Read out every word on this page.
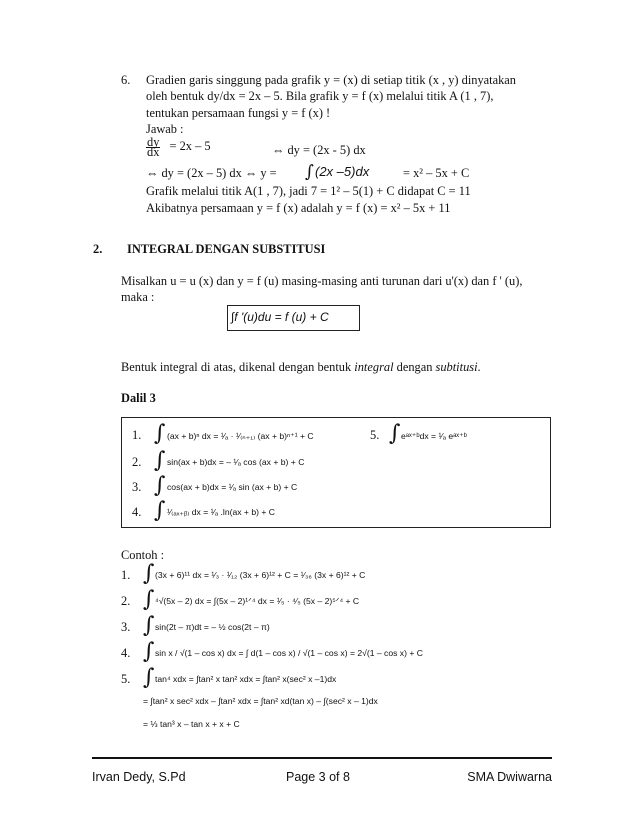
6. Gradien garis singgung pada grafik y = (x) di setiap titik (x , y) dinyatakan
oleh bentuk dy/dx = 2x – 5. Bila grafik y = f (x) melalui titik A (1 , 7),
tentukan persamaan fungsi y = f (x) !
Jawab :
$\frac{dy}{dx} = 2x - 5$	⇔ dy = (2x - 5) dx
⇔ dy = (2x – 5) dx ⇔ y = ∫ (2x –5)dx	= x² – 5x + C
Grafik melalui titik A(1 , 7), jadi 7 = 1² – 5(1) + C didapat C = 11
Akibatnya persamaan y = f (x) adalah y = f (x) = x² – 5x + 11
2. INTEGRAL DENGAN SUBSTITUSI
Misalkan u = u (x) dan y = f (u) masing-masing anti turunan dari u'(x) dan f ' (u),
maka :
∫f '(u)du = f (u) + C
Bentuk integral di atas, dikenal dengan bentuk integral dengan subtitusi.
Dalil 3
1. ∫ (ax + b)ⁿ dx = ¹⁄ₐ · ¹⁄₍ₙ₊₁₎ (ax + b)ⁿ⁺¹ + C
2. ∫ sin(ax + b)dx = – ¹⁄ₐ cos (ax + b) + C
3. ∫ cos(ax + b)dx = ¹⁄ₐ sin (ax + b) + C
4. ∫ ¹⁄₍ₐₓ₊ᵦ₎ dx = ¹⁄ₐ .ln(ax + b) + C
5. ∫ eᵃˣ⁺ᵇdx = ¹⁄ₐ eᵃˣ⁺ᵇ
Contoh :
1. ∫ (3x + 6)¹¹ dx = ¹⁄₃ · ¹⁄₁₂ (3x + 6)¹² + C = ¹⁄₃₆ (3x + 6)¹² + C
2. ∫ ⁴√(5x – 2) dx = ∫(5x – 2)¹ᐟ⁴ dx = ¹⁄₅ · ⁴⁄₅ (5x – 2)⁵ᐟ⁴ + C
3. ∫ sin(2t – π)dt = – ½ cos(2t – π)
4. ∫ sin x / √(1 – cos x) dx = ∫ d(1 – cos x) / √(1 – cos x) = 2√(1 – cos x) + C
5. ∫ tan⁴ xdx = ∫tan² x tan² xdx = ∫tan² x(sec² x –1)dx
= ∫tan² x sec² xdx – ∫tan² xdx = ∫tan² xd(tan x) – ∫(sec² x – 1)dx
= ⅓ tan³ x – tan x + x + C
Irvan Dedy, S.Pd	Page 3 of 8	SMA Dwiwarna
